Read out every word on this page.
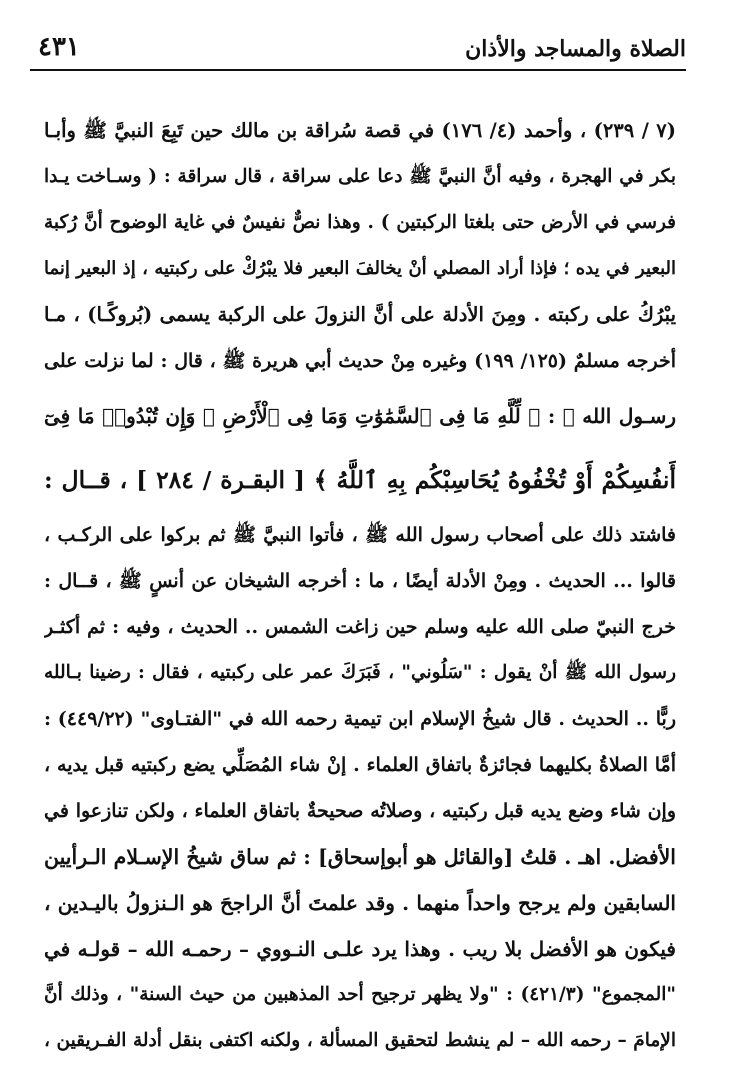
الصلاة والمساجد والأذان
٤٣١
(٧ / ٢٣٩) ، وأحمد (٤/ ١٧٦) في قصة سُراقة بن مالك حين تَبِعَ النبيَّ ﷺ وأبـا
بكر في الهجرة ، وفيه أنَّ النبيَّ ﷺ دعا على سراقة ، قال سراقة : ( وسـاخت يـدا
فرسي في الأرض حتى بلغتا الركبتين ) . وهذا نصٌّ نفيسٌ في غاية الوضوح أنَّ رُكبة
البعير في يده ؛ فإذا أراد المصلي أنْ يخالفَ البعير فلا يبْرُكْ على ركبتيه ، إذ البعير إنما
يبْرُكُ على ركبته . ومِنَ الأدلة على أنَّ النزولَ على الركبة يسمى (بُروكًـا) ، مـا
أخرجه مسلمٌ (١٢٥/ ١٩٩) وغيره مِنْ حديث أبي هريرة ﷺ ، قال : لما نزلت على
رسـول الله ﷺ : ﴿ لِّلَّهِ مَا فِى ٱلسَّمَٰوَٰتِ وَمَا فِى ٱلْأَرْضِ ۗ وَإِن تُبْدُوا۟ مَا فِىٓ
أَنفُسِكُمْ أَوْ تُخْفُوهُ يُحَاسِبْكُم بِهِ ٱللَّهُ ﴾ [ البقـرة / ٢٨٤ ] ، قــال :
فاشتد ذلك على أصحاب رسول الله ﷺ ، فأتوا النبيَّ ﷺ ثم بركوا على الركـب ،
قالوا ... الحديث . ومِنْ الأدلة أيضًا ، ما : أخرجه الشيخان عن أنسٍ ﷺ ، قــال :
خرج النبيّ صلى الله عليه وسلم حين زاغت الشمس .. الحديث ، وفيه : ثم أكثـر
رسول الله ﷺ أنْ يقول : "سَلُوني" ، فَبَرَكَ عمر على ركبتيه ، فقال : رضينا بـالله
ربًّا .. الحديث . قال شيخُ الإسلام ابن تيمية رحمه الله في "الفتـاوى" (٤٤٩/٢٢) :
أمَّا الصلاةُ بكليهما فجائزةٌ باتفاق العلماء . إنْ شاء المُصَلِّي يضع ركبتيه قبل يديه ،
وإن شاء وضع يديه قبل ركبتيه ، وصلاتُه صحيحةٌ باتفاق العلماء ، ولكن تنازعوا في
الأفضل. اهـ . قلتُ [والقائل هو أبوإسحاق] : ثم ساق شيخُ الإسـلام الـرأيين
السابقين ولم يرجح واحداً منهما . وقد علمتَ أنَّ الراجحَ هو الـنزولُ باليـدين ،
فيكون هو الأفضل بلا ريب . وهذا يرد علـى النـووي – رحمـه الله – قولـه في
"المجموع" (٤٢١/٣) : "ولا يظهر ترجيح أحد المذهبين من حيث السنة" ، وذلك أنَّ
الإمامَ – رحمه الله – لم ينشط لتحقيق المسألة ، ولكنه اكتفى بنقل أدلة الفـريقين ،
